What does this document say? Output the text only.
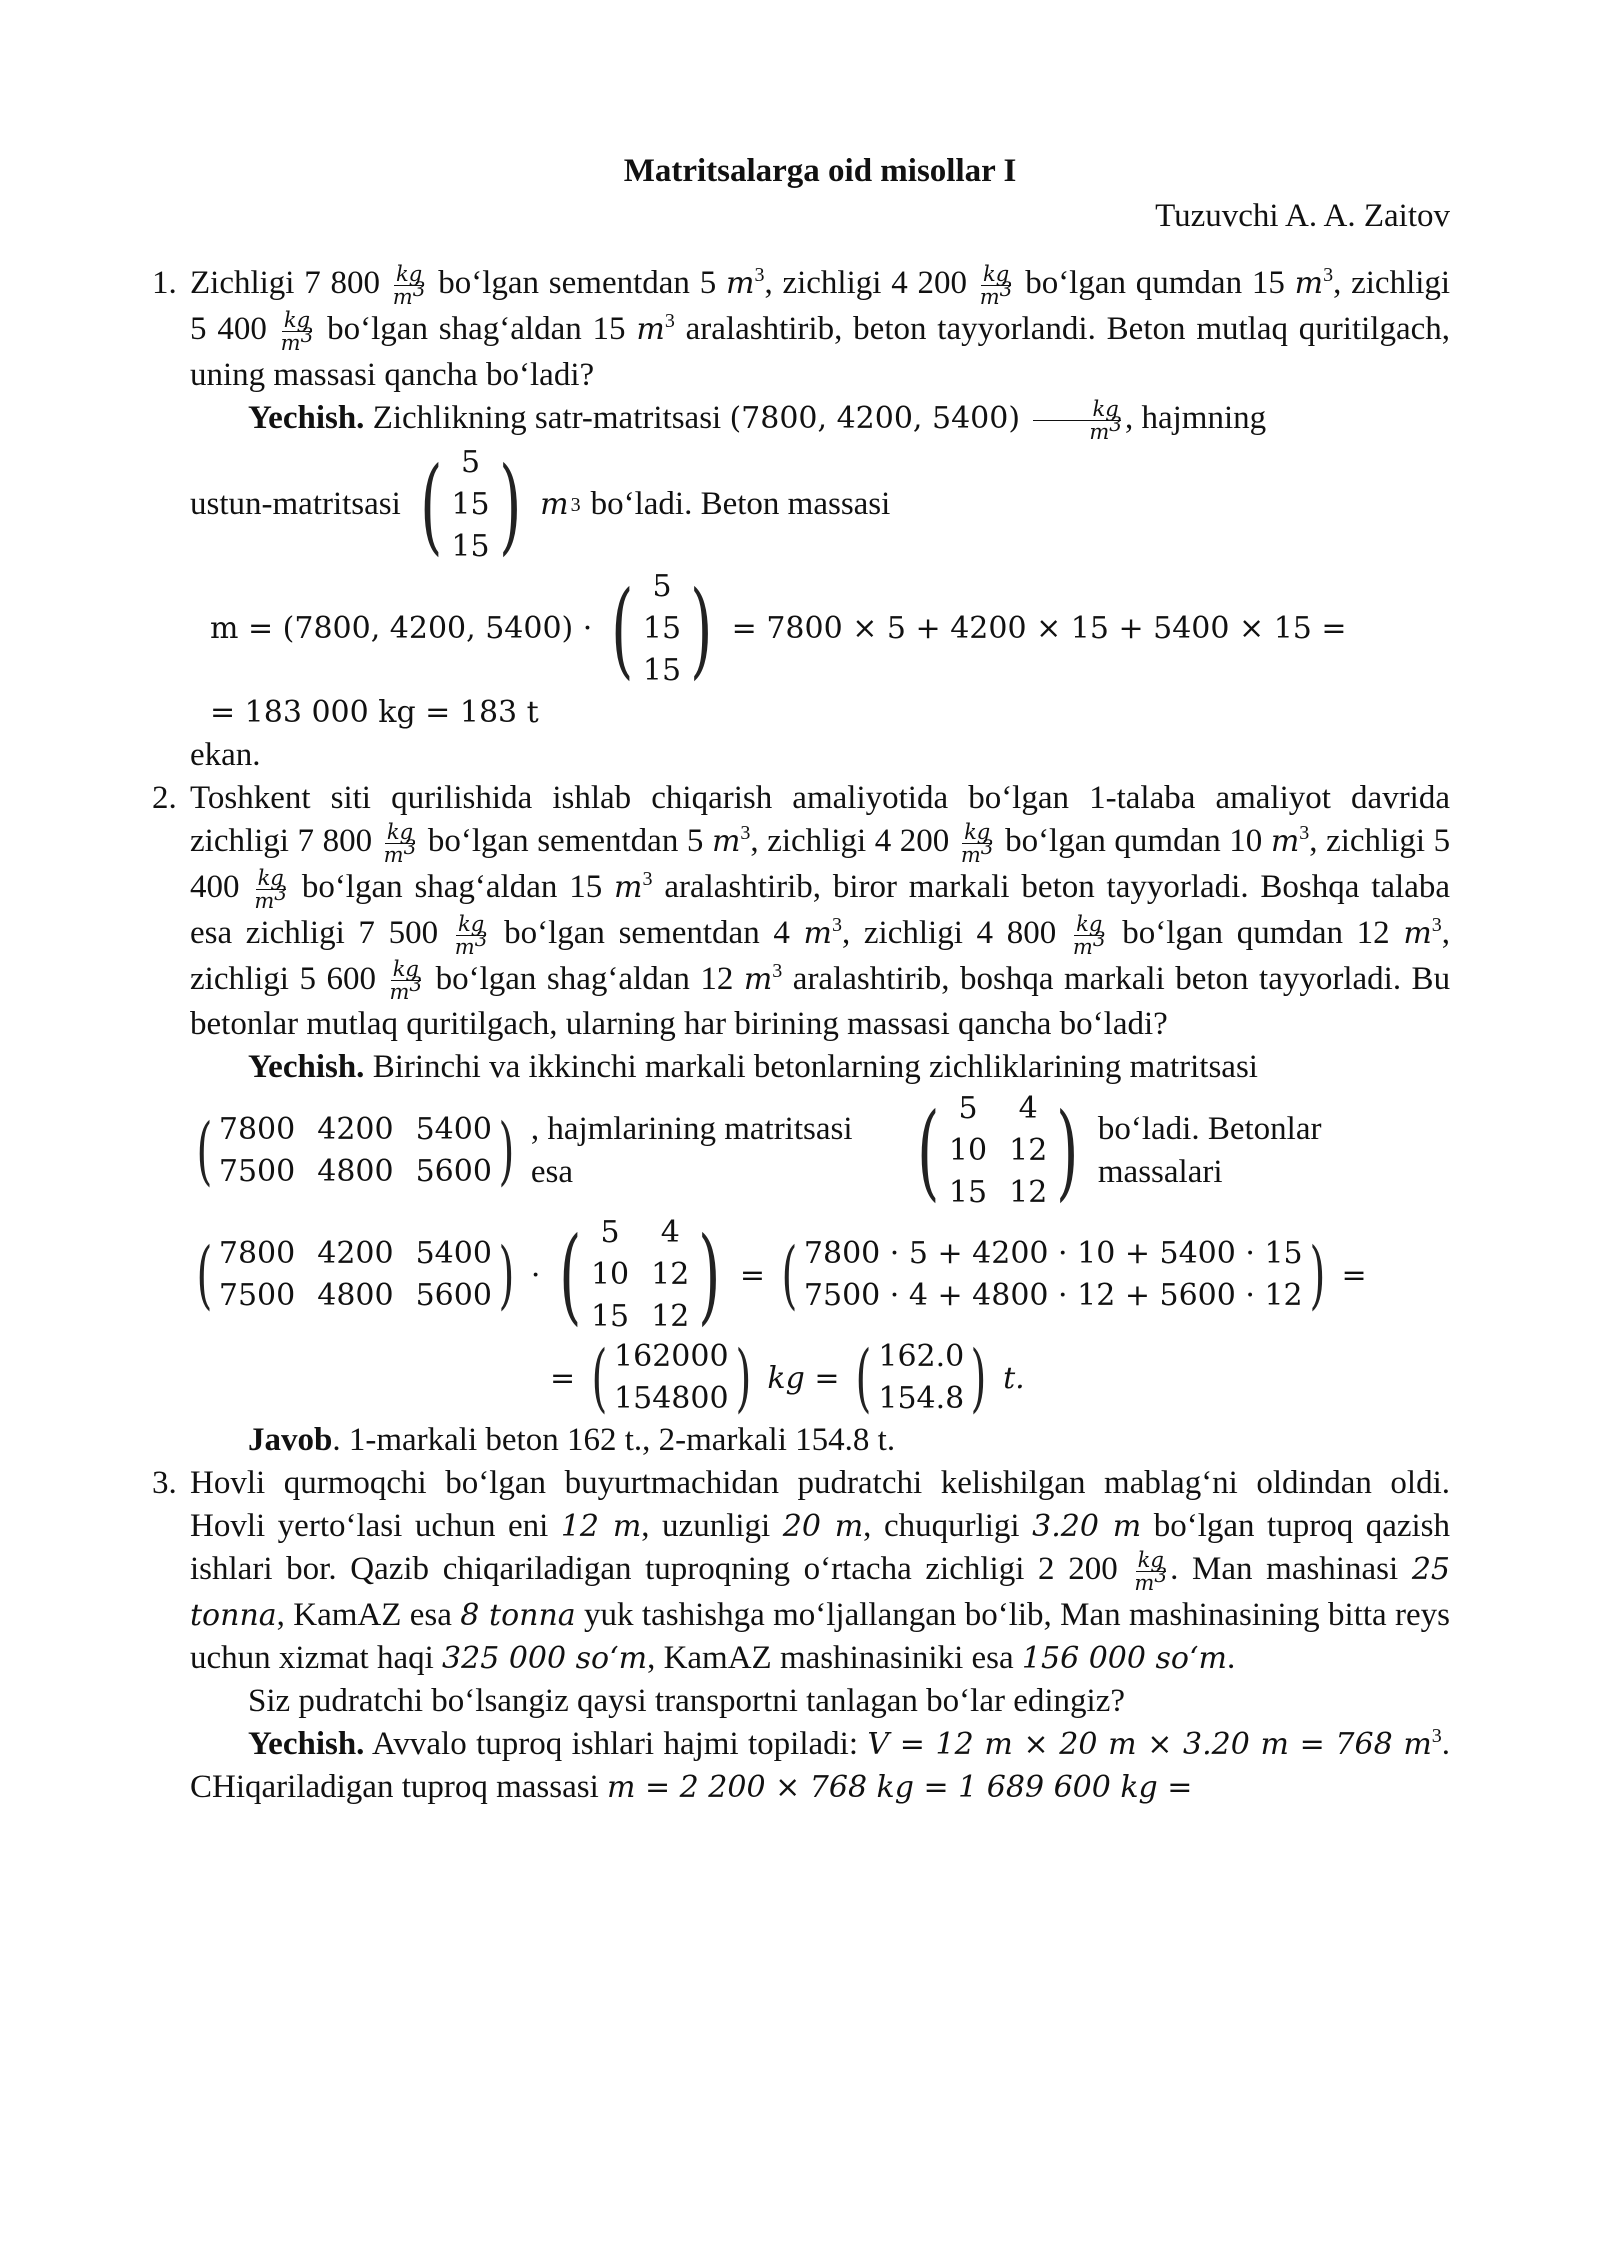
Matritsalarga oid misollar I
Tuzuvchi A. A. Zaitov
1. Zichligi 7 $800 \frac{kg}{m^3}$ bo‘lgan sementdan 5 $m^3$, zichligi 4 $200 \frac{kg}{m^3}$ bo‘lgan qumdan 15 $m^3$, zichligi 5 $400 \frac{kg}{m^3}$ bo‘lgan shag‘aldan 15 $m^3$ aralashtirib, beton tayyorlandi. Beton mutlaq quritilgach, uning massasi qancha bo‘ladi?
Yechish. Zichlikning satr-matritsasi (7800, 4200, $5400) \frac{kg}{m^3}$ , hajmning
ustun-matritsasi ( 5
15
15 ) m 3 bo‘ladi. Beton massasi
m = (7800, 4200, 5400) · ( 5
15
15 ) = 7800 × 5 + 4200 × 15 + 5400 × 15 =
= 183 000 kg = 183 t
ekan.
2. Toshkent siti qurilishida ishlab chiqarish amaliyotida bo‘lgan 1-talaba amaliyot davrida zichligi 7 $800 \frac{kg}{m^3}$ bo‘lgan sementdan 5 $m^3$, zichligi 4 $200 \frac{kg}{m^3}$ bo‘lgan qumdan 10 $m^3$, zichligi 5 $400 \frac{kg}{m^3}$ bo‘lgan shag‘aldan 15 $m^3$ aralashtirib, biror markali beton tayyorladi. Boshqa talaba esa zichligi 7 $500 \frac{kg}{m^3}$ bo‘lgan sementdan 4 $m^3$, zichligi 4 $800 \frac{kg}{m^3}$ bo‘lgan qumdan 12 $m^3$, zichligi 5 $600 \frac{kg}{m^3}$ bo‘lgan shag‘aldan 12 $m^3$ aralashtirib, boshqa markali beton tayyorladi. Bu betonlar mutlaq quritilgach, ularning har birining massasi qancha bo‘ladi?
Yechish. Birinchi va ikkinchi markali betonlarning zichliklarining matritsasi
( 7800 4200 5400
7500 4800 5600 ) , hajmlarining matritsasi esa	( 5	4
10 12
15 12 ) bo‘ladi. Betonlar massalari
( 7800 4200 5400
7500 4800 5600 ) · ( 5	4
10 12
15 12 ) = ( 7800 · 5 + 4200 · 10 + 5400 · 15
7500 · 4 + 4800 · 12 + 5600 · 12 ) =
= ( 162000
154800 ) kg = ( 162.0
154.8 ) t.
Javob. 1-markali beton 162 t., 2-markali 154.8 t.
3. Hovli qurmoqchi bo‘lgan buyurtmachidan pudratchi kelishilgan mablag‘ni oldindan oldi. Hovli yerto‘lasi uchun eni 12 m, uzunligi 20 m, chuqurligi 3.20 m bo‘lgan tuproq qazish ishlari bor. Qazib chiqariladigan tuproqning o‘rtacha zichligi 2 $200 \frac{kg}{m^3}$ . Man mashinasi 25 tonna, KamAZ esa 8 tonna yuk tashishga mo‘ljallangan bo‘lib, Man mashinasining bitta reys uchun xizmat haqi 325 000 so‘m, KamAZ mashinasiniki esa 156 000 so‘m.
Siz pudratchi bo‘lsangiz qaysi transportni tanlagan bo‘lar edingiz?
Yechish. Avvalo tuproq ishlari hajmi topiladi: V = 12 m × 20 m × 3.20 m = 768 $m^3$. CHiqariladigan tuproq massasi m = 2 200 × 768 kg = 1 689 600 kg =
